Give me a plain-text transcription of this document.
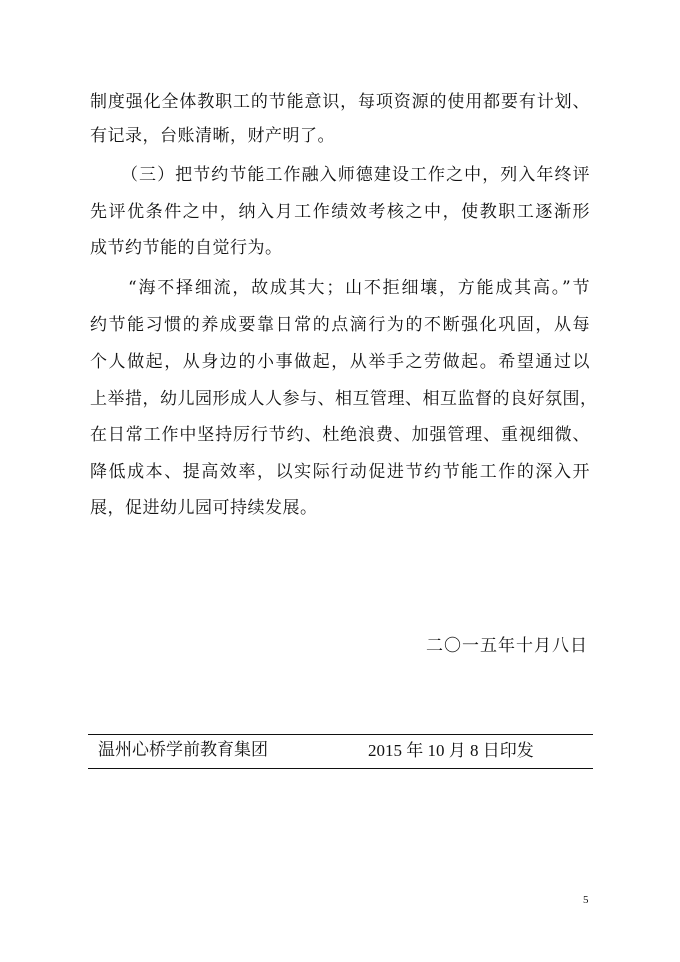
制度强化全体教职工的节能意识，每项资源的使用都要有计划、
有记录，台账清晰，财产明了。
（三）把节约节能工作融入师德建设工作之中，列入年终评
先评优条件之中，纳入月工作绩效考核之中，使教职工逐渐形
成节约节能的自觉行为。
“海不择细流，故成其大；山不拒细壤，方能成其高。”节
约节能习惯的养成要靠日常的点滴行为的不断强化巩固，从每
个人做起，从身边的小事做起，从举手之劳做起。希望通过以
上举措，幼儿园形成人人参与、相互管理、相互监督的良好氛围，
在日常工作中坚持厉行节约、杜绝浪费、加强管理、重视细微、
降低成本、提高效率，以实际行动促进节约节能工作的深入开
展，促进幼儿园可持续发展。
二〇一五年十月八日
温州心桥学前教育集团	2015 年 10 月 8 日印发
5
